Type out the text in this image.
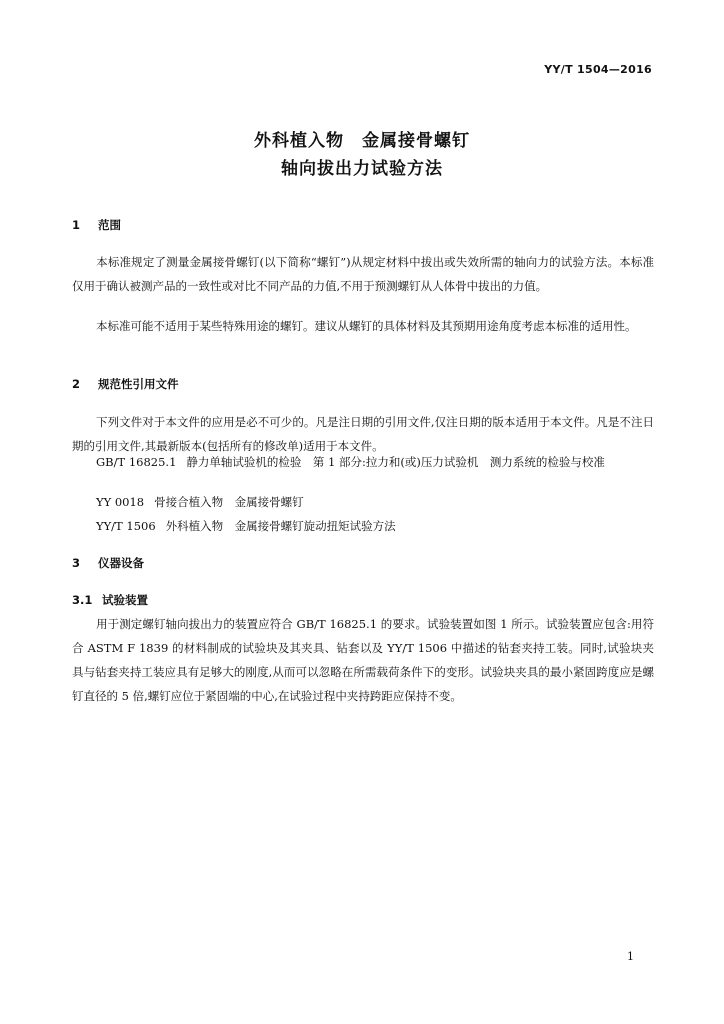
YY/T 1504—2016
外科植入物　金属接骨螺钉
轴向拔出力试验方法
1 范围
本标准规定了测量金属接骨螺钉(以下简称“螺钉”)从规定材料中拔出或失效所需的轴向力的试验方法。本标准仅用于确认被测产品的一致性或对比不同产品的力值,不用于预测螺钉从人体骨中拔出的力值。
本标准可能不适用于某些特殊用途的螺钉。建议从螺钉的具体材料及其预期用途角度考虑本标准的适用性。
2 规范性引用文件
下列文件对于本文件的应用是必不可少的。凡是注日期的引用文件,仅注日期的版本适用于本文件。凡是不注日期的引用文件,其最新版本(包括所有的修改单)适用于本文件。
GB/T 16825.1 静力单轴试验机的检验　第 1 部分:拉力和(或)压力试验机　测力系统的检验与校准
YY 0018 骨接合植入物　金属接骨螺钉
YY/T 1506 外科植入物　金属接骨螺钉旋动扭矩试验方法
3 仪器设备
3.1 试验装置
用于测定螺钉轴向拔出力的装置应符合 GB/T 16825.1 的要求。试验装置如图 1 所示。试验装置应包含:用符合 ASTM F 1839 的材料制成的试验块及其夹具、钻套以及 YY/T 1506 中描述的钻套夹持工装。同时,试验块夹具与钻套夹持工装应具有足够大的刚度,从而可以忽略在所需载荷条件下的变形。试验块夹具的最小紧固跨度应是螺钉直径的 5 倍,螺钉应位于紧固端的中心,在试验过程中夹持跨距应保持不变。
1
